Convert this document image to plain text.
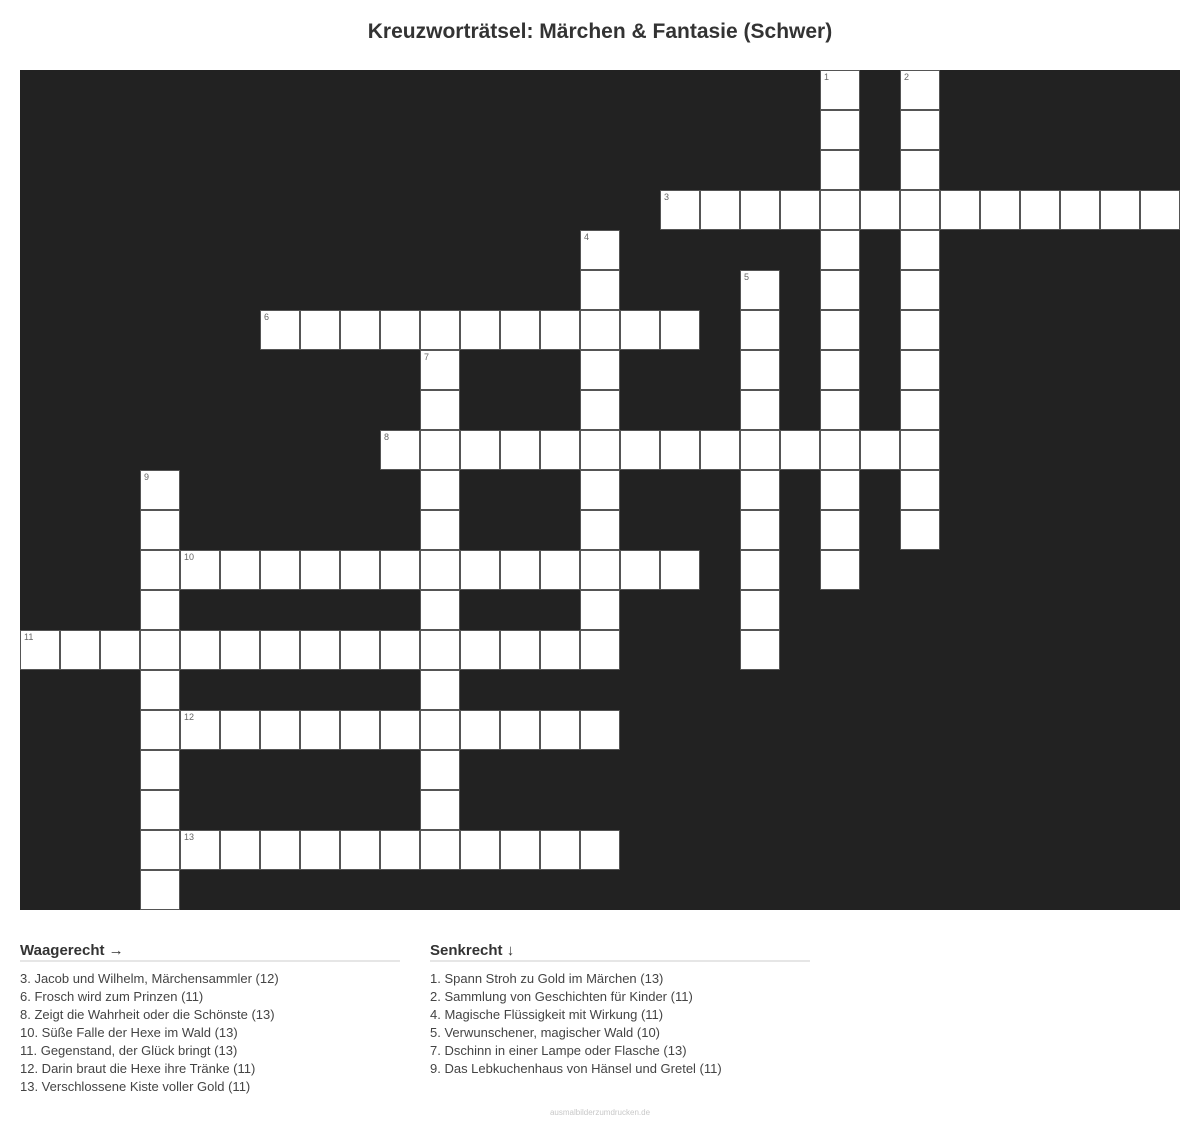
Kreuzworträtsel: Märchen & Fantasie (Schwer)
1	2
3
4
5
6
7
8
9
10
11
12
13
Waagerecht →
3. Jacob und Wilhelm, Märchensammler (12)
6. Frosch wird zum Prinzen (11)
8. Zeigt die Wahrheit oder die Schönste (13)
10. Süße Falle der Hexe im Wald (13)
11. Gegenstand, der Glück bringt (13)
12. Darin braut die Hexe ihre Tränke (11)
13. Verschlossene Kiste voller Gold (11)
Senkrecht ↓
1. Spann Stroh zu Gold im Märchen (13)
2. Sammlung von Geschichten für Kinder (11)
4. Magische Flüssigkeit mit Wirkung (11)
5. Verwunschener, magischer Wald (10)
7. Dschinn in einer Lampe oder Flasche (13)
9. Das Lebkuchenhaus von Hänsel und Gretel (11)
ausmalbilderzumdrucken.de
